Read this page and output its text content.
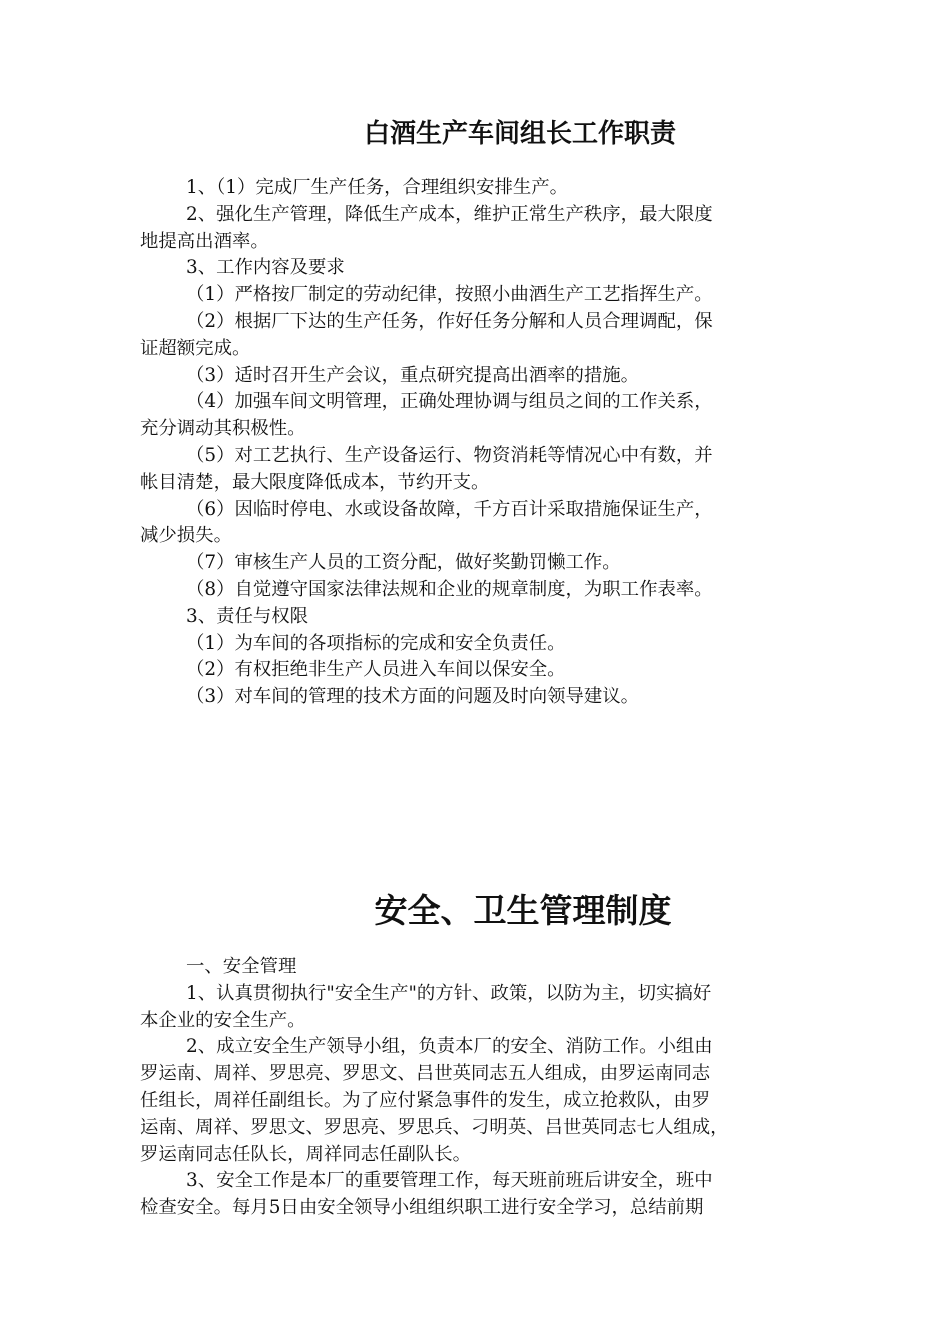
白酒生产车间组长工作职责
1、（1）完成厂生产任务，合理组织安排生产。
2、强化生产管理，降低生产成本，维护正常生产秩序，最大限度
地提高出酒率。
3、工作内容及要求
（1）严格按厂制定的劳动纪律，按照小曲酒生产工艺指挥生产。
（2）根据厂下达的生产任务，作好任务分解和人员合理调配，保
证超额完成。
（3）适时召开生产会议，重点研究提高出酒率的措施。
（4）加强车间文明管理，正确处理协调与组员之间的工作关系，
充分调动其积极性。
（5）对工艺执行、生产设备运行、物资消耗等情况心中有数，并
帐目清楚，最大限度降低成本，节约开支。
（6）因临时停电、水或设备故障，千方百计采取措施保证生产，
减少损失。
（7）审核生产人员的工资分配，做好奖勤罚懒工作。
（8）自觉遵守国家法律法规和企业的规章制度，为职工作表率。
3、责任与权限
（1）为车间的各项指标的完成和安全负责任。
（2）有权拒绝非生产人员进入车间以保安全。
（3）对车间的管理的技术方面的问题及时向领导建议。
安全、卫生管理制度
一、安全管理
1、认真贯彻执行"安全生产"的方针、政策，以防为主，切实搞好
本企业的安全生产。
2、成立安全生产领导小组，负责本厂的安全、消防工作。小组由
罗运南、周祥、罗思亮、罗思文、吕世英同志五人组成，由罗运南同志
任组长，周祥任副组长。为了应付紧急事件的发生，成立抢救队，由罗
运南、周祥、罗思文、罗思亮、罗思兵、刁明英、吕世英同志七人组成，
罗运南同志任队长，周祥同志任副队长。
3、安全工作是本厂的重要管理工作，每天班前班后讲安全，班中
检查安全。每月5日由安全领导小组组织职工进行安全学习，总结前期
